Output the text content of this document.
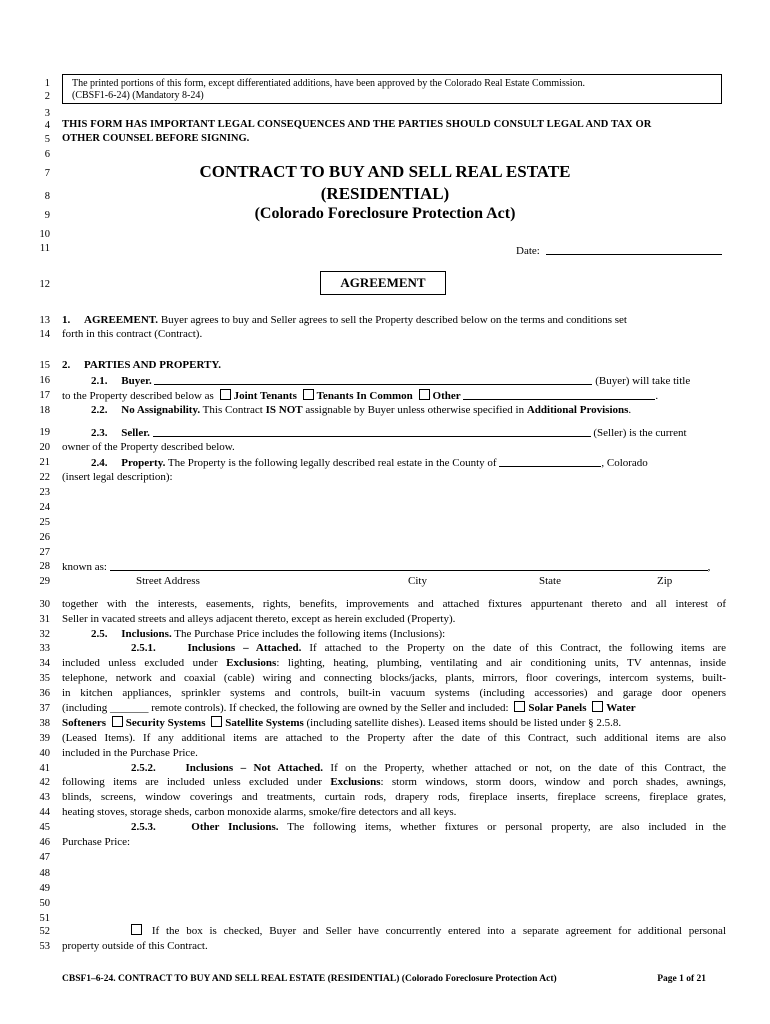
1
2
3
4
5
6
7
8
9
10
11
12
13
14
15
16
17
18
19
20
21
22
23
24
25
26
27
28
29
30
31
32
33
34
35
36
37
38
39
40
41
42
43
44
45
46
47
48
49
50
51
52
53
The printed portions of this form, except differentiated additions, have been approved by the Colorado Real Estate Commission.
(CBSF1-6-24) (Mandatory 8-24)
THIS FORM HAS IMPORTANT LEGAL CONSEQUENCES AND THE PARTIES SHOULD CONSULT LEGAL AND TAX OR
OTHER COUNSEL BEFORE SIGNING.
CONTRACT TO BUY AND SELL REAL ESTATE
(RESIDENTIAL)
(Colorado Foreclosure Protection Act)
Date:
AGREEMENT
1. AGREEMENT. Buyer agrees to buy and Seller agrees to sell the Property described below on the terms and conditions set
forth in this contract (Contract).
2. PARTIES AND PROPERTY.
2.1. Buyer.	(Buyer) will take title
to the Property described below as Joint Tenants Tenants In Common Other	.
2.2. No Assignability. This Contract IS NOT assignable by Buyer unless otherwise specified in Additional Provisions.
2.3. Seller.	(Seller) is the current
owner of the Property described below.
2.4. Property. The Property is the following legally described real estate in the County of	, Colorado
(insert legal description):
known as:	,
Street Address	City	State	Zip
together with the interests, easements, rights, benefits, improvements and attached fixtures appurtenant thereto and all interest of
Seller in vacated streets and alleys adjacent thereto, except as herein excluded (Property).
2.5. Inclusions. The Purchase Price includes the following items (Inclusions):
2.5.1.	Inclusions – Attached. If attached to the Property on the date of this Contract, the following items are
included unless excluded under Exclusions: lighting, heating, plumbing, ventilating and air conditioning units, TV antennas, inside
telephone, network and coaxial (cable) wiring and connecting blocks/jacks, plants, mirrors, floor coverings, intercom systems, built-
in kitchen appliances, sprinkler systems and controls, built-in vacuum systems (including accessories) and garage door openers
(including _______ remote controls). If checked, the following are owned by the Seller and included: Solar Panels Water
Softeners Security Systems Satellite Systems (including satellite dishes). Leased items should be listed under § 2.5.8.
(Leased Items). If any additional items are attached to the Property after the date of this Contract, such additional items are also
included in the Purchase Price.
2.5.2.	Inclusions – Not Attached. If on the Property, whether attached or not, on the date of this Contract, the
following items are included unless excluded under Exclusions: storm windows, storm doors, window and porch shades, awnings,
blinds, screens, window coverings and treatments, curtain rods, drapery rods, fireplace inserts, fireplace screens, fireplace grates,
heating stoves, storage sheds, carbon monoxide alarms, smoke/fire detectors and all keys.
2.5.3.	Other Inclusions. The following items, whether fixtures or personal property, are also included in the
Purchase Price:
If the box is checked, Buyer and Seller have concurrently entered into a separate agreement for additional personal
property outside of this Contract.
CBSF1–6-24. CONTRACT TO BUY AND SELL REAL ESTATE (RESIDENTIAL) (Colorado Foreclosure Protection Act)	Page 1 of 21
